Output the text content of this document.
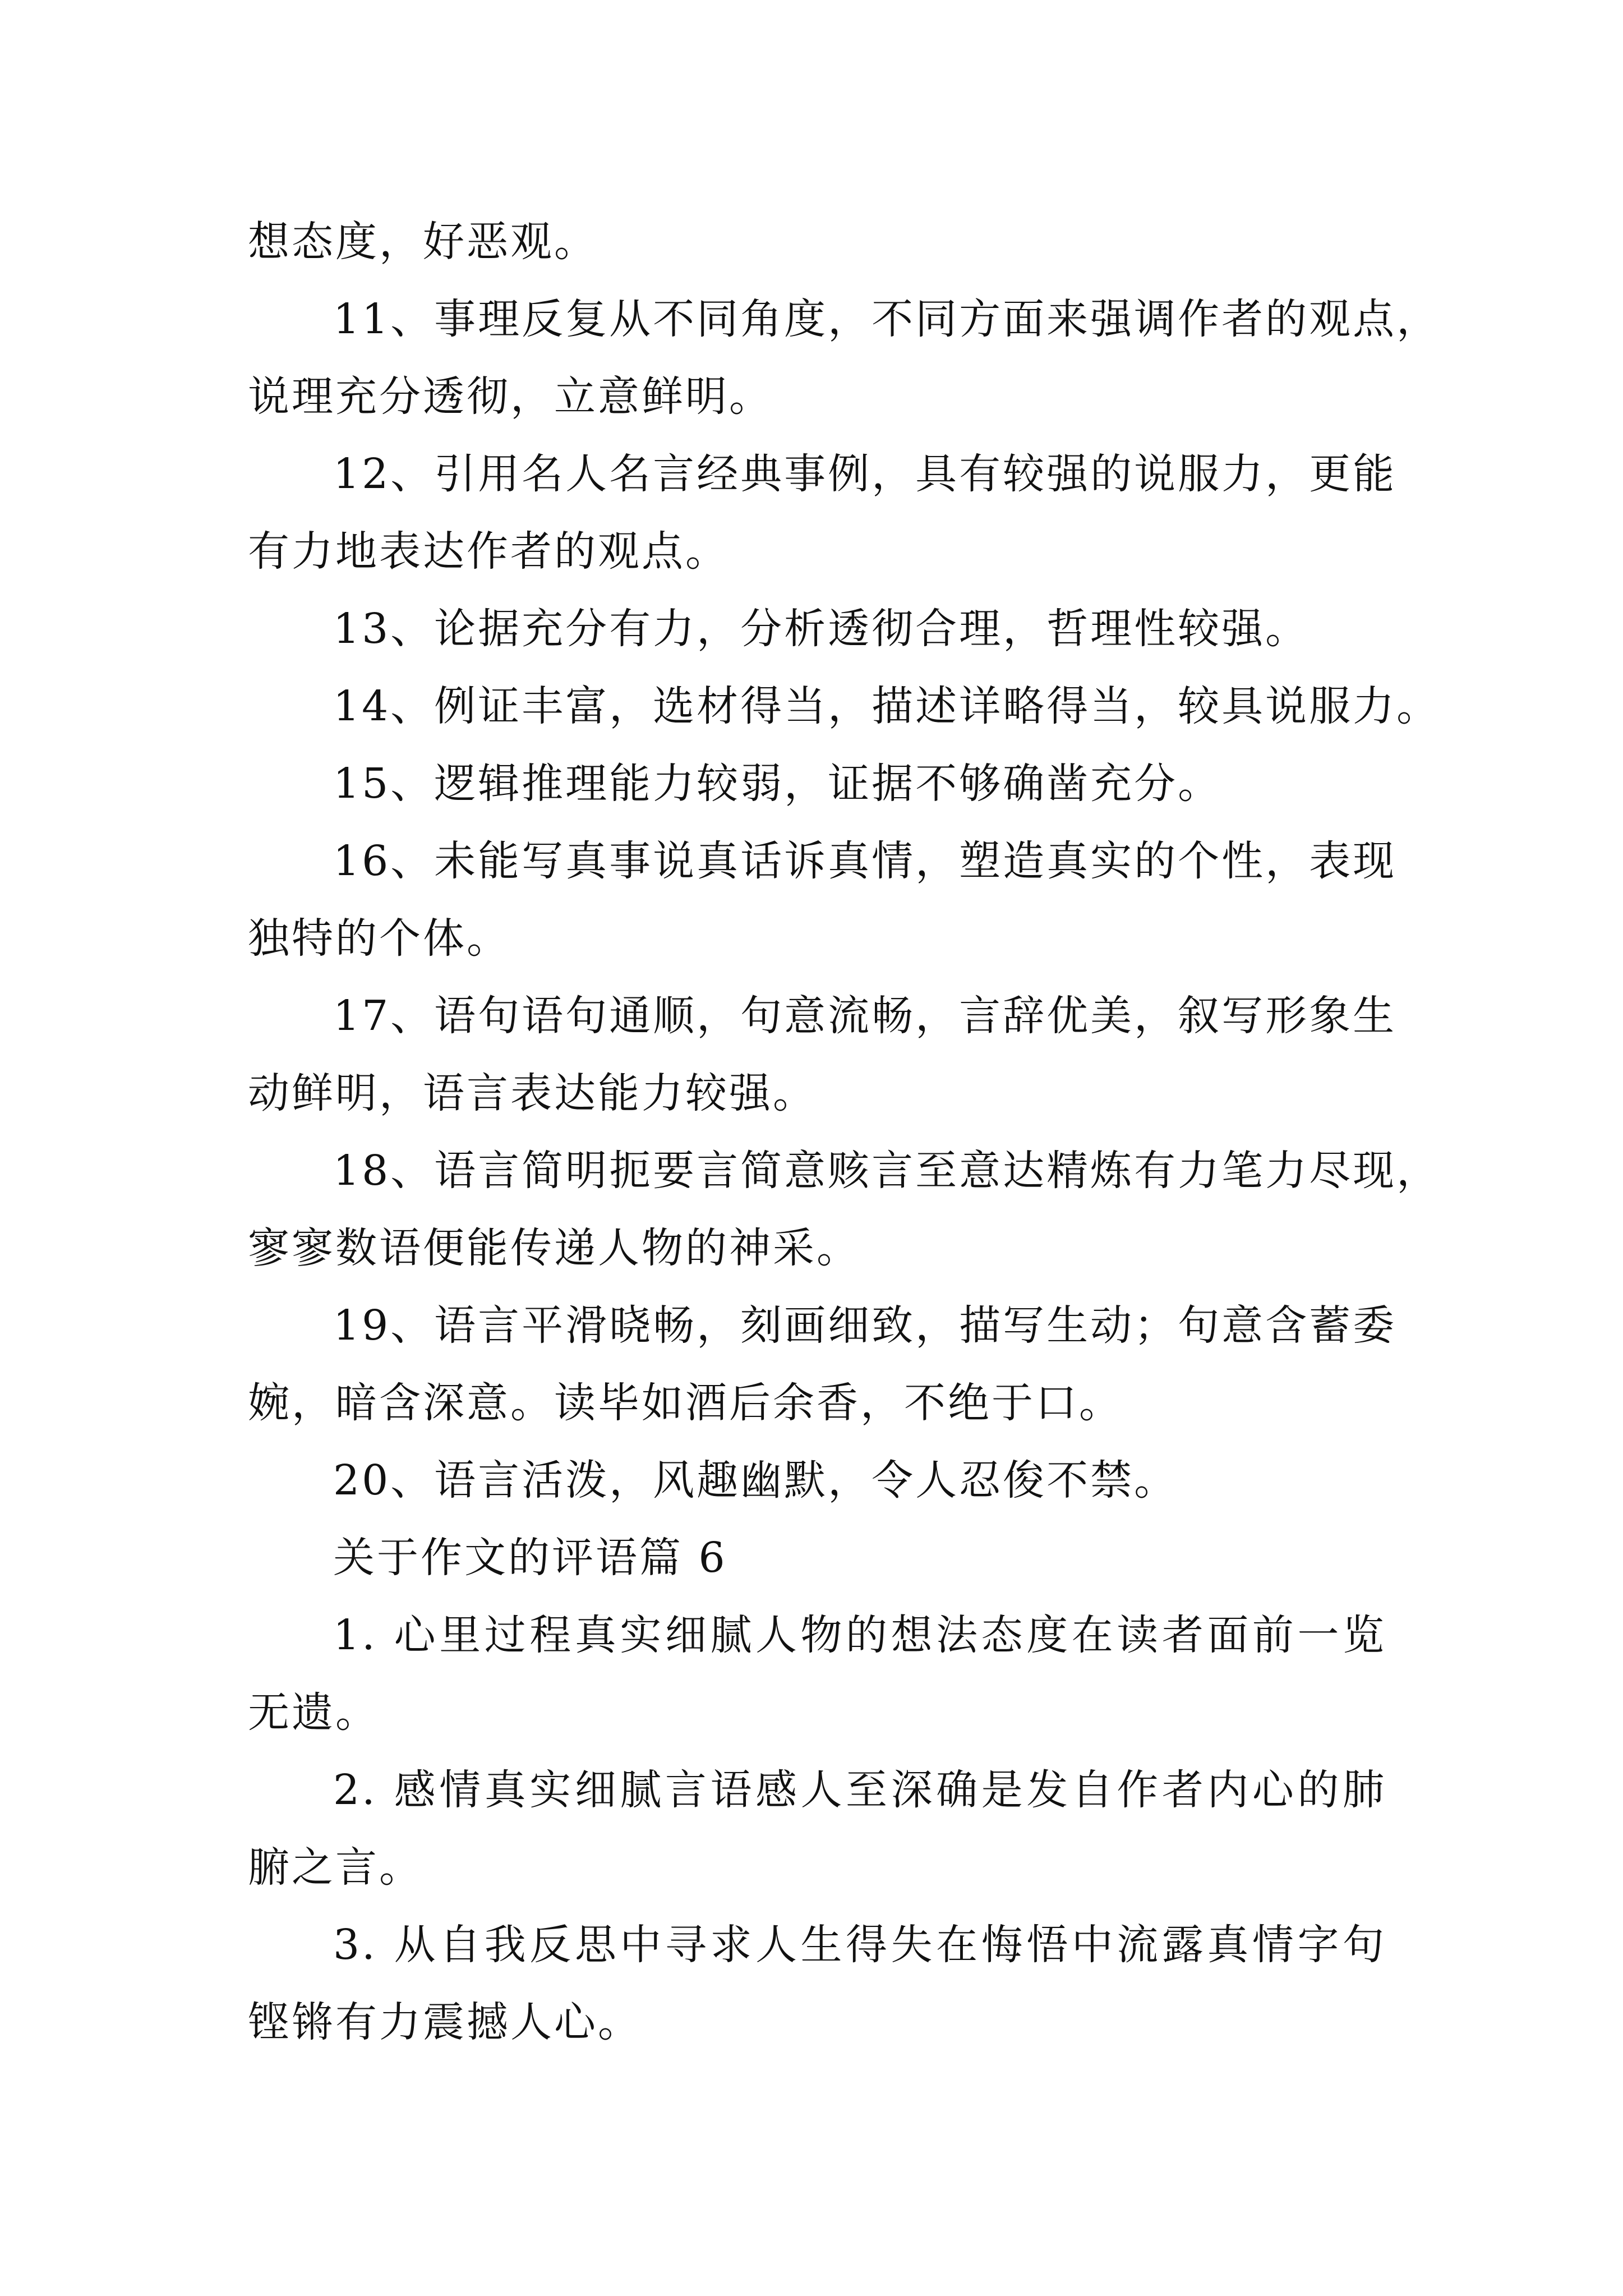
想态度，好恶观。
11、事理反复从不同角度，不同方面来强调作者的观点，
说理充分透彻，立意鲜明。
12、引用名人名言经典事例，具有较强的说服力，更能
有力地表达作者的观点。
13、论据充分有力，分析透彻合理，哲理性较强。
14、例证丰富，选材得当，描述详略得当，较具说服力。
15、逻辑推理能力较弱，证据不够确凿充分。
16、未能写真事说真话诉真情，塑造真实的个性，表现
独特的个体。
17、语句语句通顺，句意流畅，言辞优美，叙写形象生
动鲜明，语言表达能力较强。
18、语言简明扼要言简意赅言至意达精炼有力笔力尽现，
寥寥数语便能传递人物的神采。
19、语言平滑晓畅，刻画细致，描写生动；句意含蓄委
婉，暗含深意。读毕如酒后余香，不绝于口。
20、语言活泼，风趣幽默，令人忍俊不禁。
关于作文的评语篇 6
1. 心里过程真实细腻人物的想法态度在读者面前一览
无遗。
2. 感情真实细腻言语感人至深确是发自作者内心的肺
腑之言。
3. 从自我反思中寻求人生得失在悔悟中流露真情字句
铿锵有力震撼人心。
